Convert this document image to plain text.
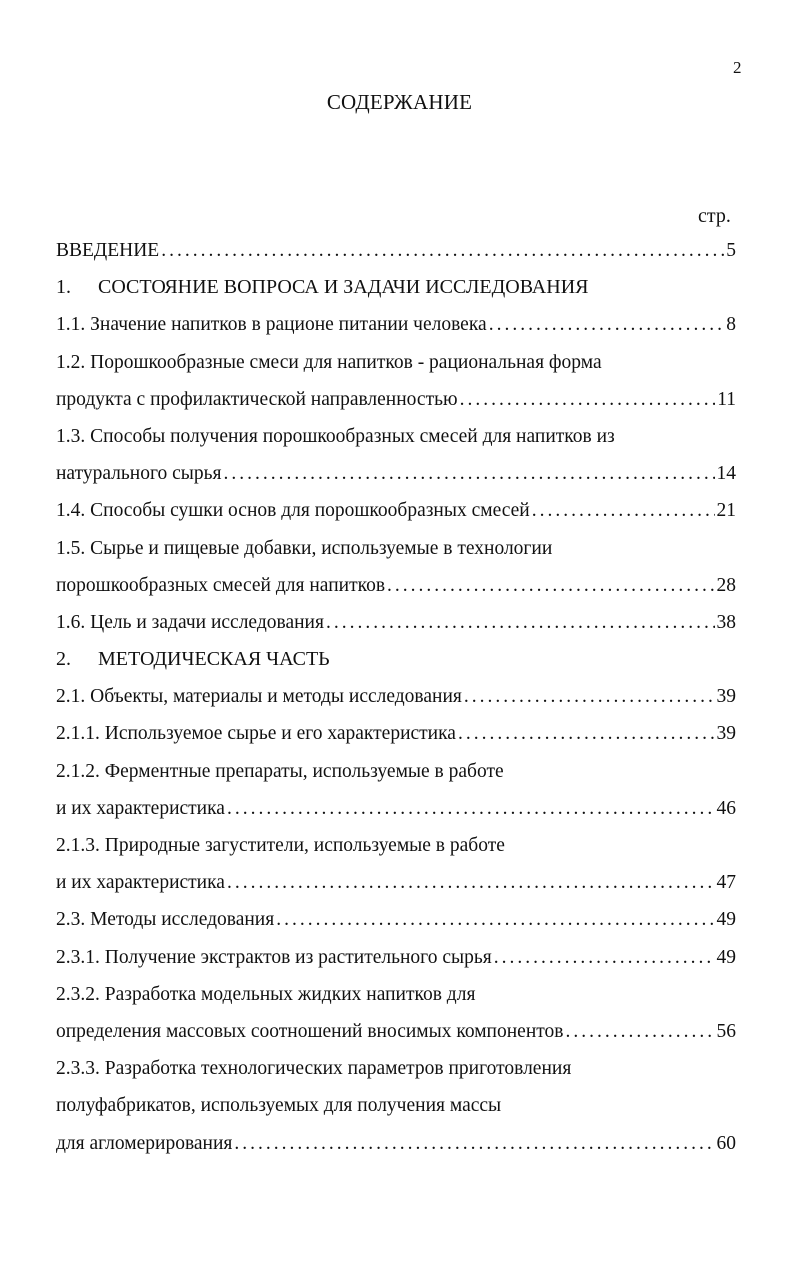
2
СОДЕРЖАНИЕ
стр.
ВВЕДЕНИЕ .....	5
1.	СОСТОЯНИЕ ВОПРОСА И ЗАДАЧИ ИССЛЕДОВАНИЯ
1.1. Значение напитков в рационе питании человека .....	8
1.2. Порошкообразные смеси для напитков - рациональная форма
продукта с профилактической направленностью .....	11
1.3. Способы получения порошкообразных смесей для напитков из
натурального сырья .....	14
1.4. Способы сушки основ для порошкообразных смесей .....	21
1.5. Сырье и пищевые добавки, используемые в технологии
порошкообразных смесей для напитков .....	28
1.6. Цель и задачи исследования .....	38
2.	МЕТОДИЧЕСКАЯ ЧАСТЬ
2.1. Объекты, материалы и методы исследования .....	39
2.1.1. Используемое сырье и его характеристика .....	39
2.1.2. Ферментные препараты, используемые в работе
и их характеристика .....	46
2.1.3. Природные загустители, используемые в работе
и их характеристика .....	47
2.3. Методы исследования .....	49
2.3.1. Получение экстрактов из растительного сырья .....	49
2.3.2. Разработка модельных жидких напитков для
определения массовых соотношений вносимых компонентов .....	56
2.3.3. Разработка технологических параметров приготовления
полуфабрикатов, используемых для получения массы
для агломерирования .....	60
